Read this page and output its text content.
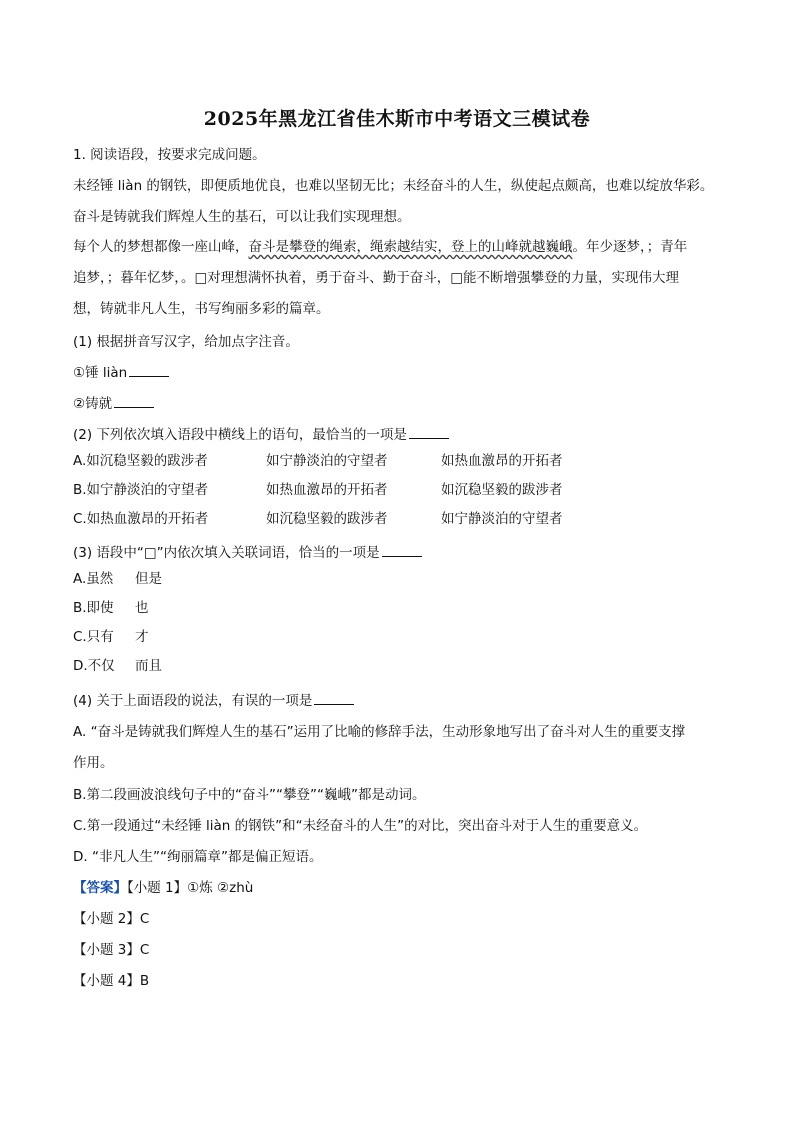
2025年黑龙江省佳木斯市中考语文三模试卷
1. 阅读语段，按要求完成问题。
未经锤 liàn 的钢铁，即便质地优良，也难以坚韧无比；未经奋斗的人生，纵使起点颇高，也难以绽放华彩。
奋斗是铸就我们辉煌人生的基石，可以让我们实现理想。
每个人的梦想都像一座山峰，奋斗是攀登的绳索，绳索越结实，登上的山峰就越巍峨。年少逐梦，；青年
追梦，；暮年忆梦，。□对理想满怀执着，勇于奋斗、勤于奋斗，□能不断增强攀登的力量，实现伟大理
想，铸就非凡人生，书写绚丽多彩的篇章。
(1) 根据拼音写汉字，给加点字注音。
①锤 liàn
②铸就
(2) 下列依次填入语段中横线上的语句，最恰当的一项是
A.如沉稳坚毅的跋涉者	如宁静淡泊的守望者	如热血激昂的开拓者
B.如宁静淡泊的守望者	如热血激昂的开拓者	如沉稳坚毅的跋涉者
C.如热血激昂的开拓者	如沉稳坚毅的跋涉者	如宁静淡泊的守望者
(3) 语段中“□”内依次填入关联词语，恰当的一项是
A.虽然 但是
B.即使 也
C.只有 才
D.不仅 而且
(4) 关于上面语段的说法，有误的一项是
A. “奋斗是铸就我们辉煌人生的基石”运用了比喻的修辞手法，生动形象地写出了奋斗对人生的重要支撑
作用。
B.第二段画波浪线句子中的“奋斗”“攀登”“巍峨”都是动词。
C.第一段通过“未经锤 liàn 的钢铁”和“未经奋斗的人生”的对比，突出奋斗对于人生的重要意义。
D. “非凡人生”“绚丽篇章”都是偏正短语。
【答案】【小题 1】①炼 ②zhù
【小题 2】C
【小题 3】C
【小题 4】B
